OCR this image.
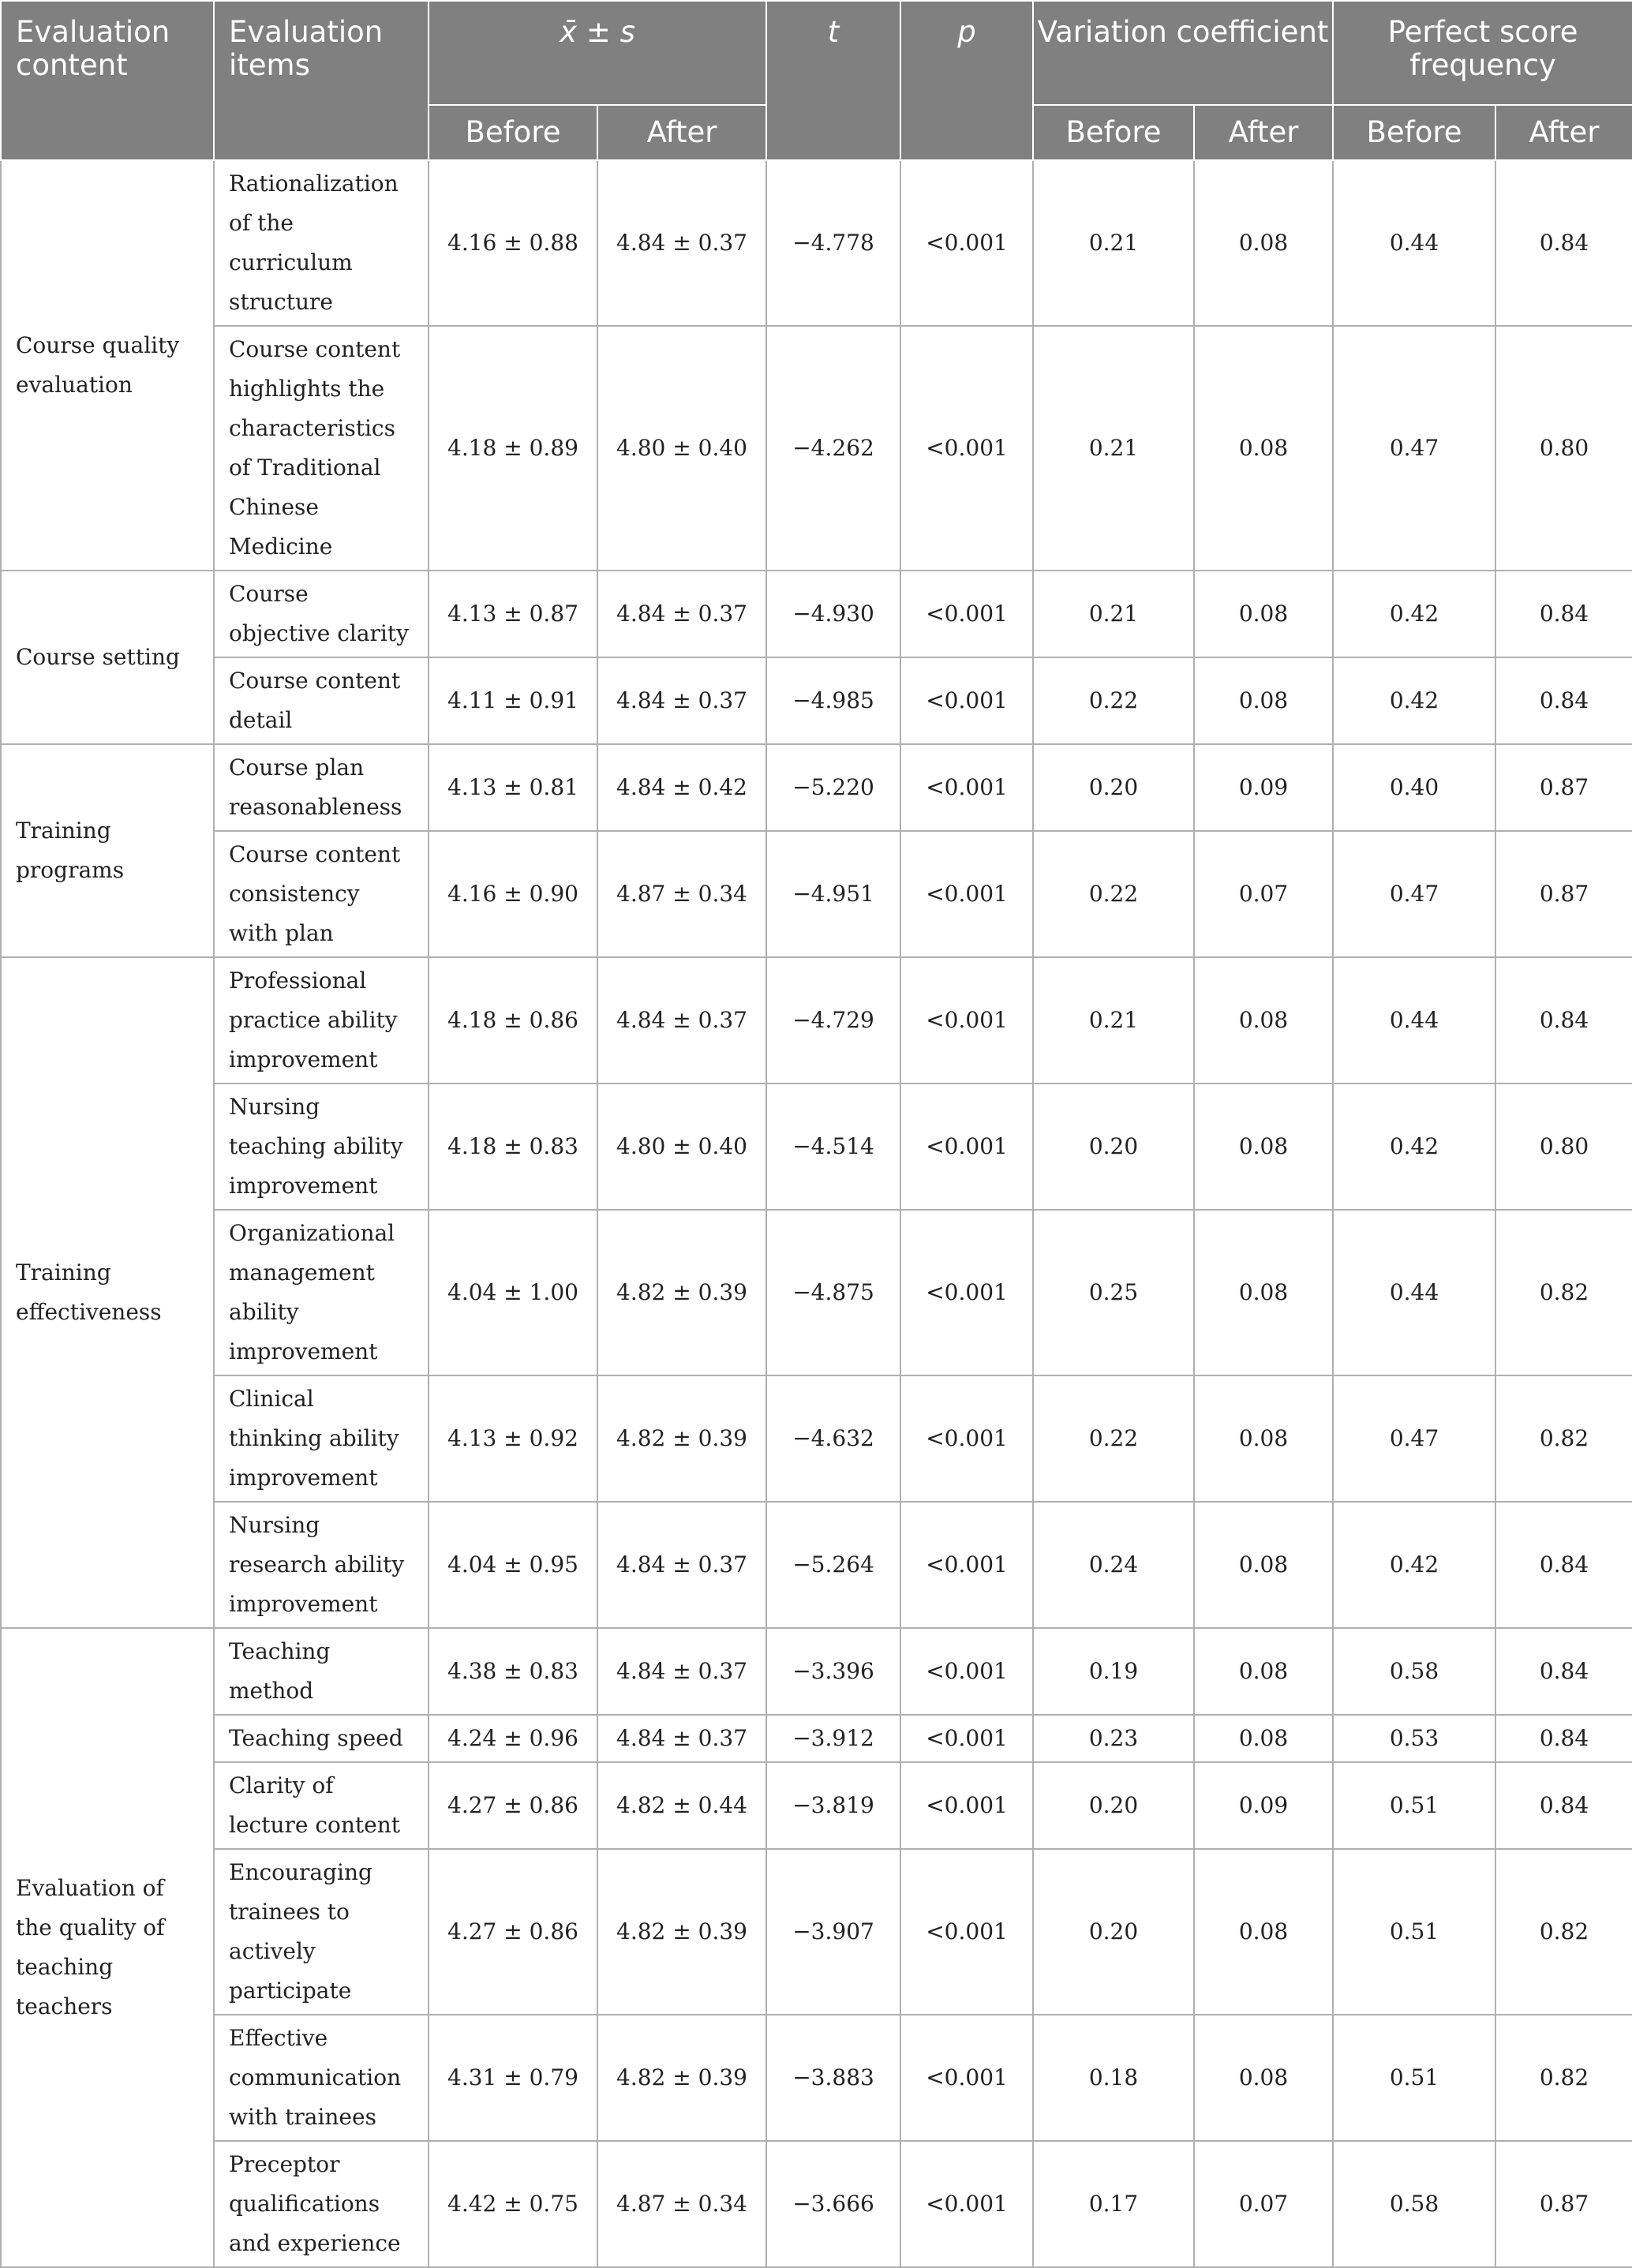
Evaluation content	Evaluation items	x̄ ± s		t	p	Variation coefficient		Perfect score frequency	
		Before	After			Before	After	Before	After
Course quality evaluation	Rationalization of the curriculum structure	4.16 ± 0.88	4.84 ± 0.37	−4.778	<0.001	0.21	0.08	0.44	0.84
	Course content highlights the characteristics of Traditional Chinese Medicine	4.18 ± 0.89	4.80 ± 0.40	−4.262	<0.001	0.21	0.08	0.47	0.80
Course setting	Course objective clarity	4.13 ± 0.87	4.84 ± 0.37	−4.930	<0.001	0.21	0.08	0.42	0.84
	Course content detail	4.11 ± 0.91	4.84 ± 0.37	−4.985	<0.001	0.22	0.08	0.42	0.84
Training programs	Course plan reasonableness	4.13 ± 0.81	4.84 ± 0.42	−5.220	<0.001	0.20	0.09	0.40	0.87
	Course content consistency with plan	4.16 ± 0.90	4.87 ± 0.34	−4.951	<0.001	0.22	0.07	0.47	0.87
Training effectiveness	Professional practice ability improvement	4.18 ± 0.86	4.84 ± 0.37	−4.729	<0.001	0.21	0.08	0.44	0.84
	Nursing teaching ability improvement	4.18 ± 0.83	4.80 ± 0.40	−4.514	<0.001	0.20	0.08	0.42	0.80
	Organizational management ability improvement	4.04 ± 1.00	4.82 ± 0.39	−4.875	<0.001	0.25	0.08	0.44	0.82
	Clinical thinking ability improvement	4.13 ± 0.92	4.82 ± 0.39	−4.632	<0.001	0.22	0.08	0.47	0.82
	Nursing research ability improvement	4.04 ± 0.95	4.84 ± 0.37	−5.264	<0.001	0.24	0.08	0.42	0.84
Evaluation of the quality of teaching teachers	Teaching method	4.38 ± 0.83	4.84 ± 0.37	−3.396	<0.001	0.19	0.08	0.58	0.84
	Teaching speed	4.24 ± 0.96	4.84 ± 0.37	−3.912	<0.001	0.23	0.08	0.53	0.84
	Clarity of lecture content	4.27 ± 0.86	4.82 ± 0.44	−3.819	<0.001	0.20	0.09	0.51	0.84
	Encouraging trainees to actively participate	4.27 ± 0.86	4.82 ± 0.39	−3.907	<0.001	0.20	0.08	0.51	0.82
	Effective communication with trainees	4.31 ± 0.79	4.82 ± 0.39	−3.883	<0.001	0.18	0.08	0.51	0.82
	Preceptor qualifications and experience	4.42 ± 0.75	4.87 ± 0.34	−3.666	<0.001	0.17	0.07	0.58	0.87
